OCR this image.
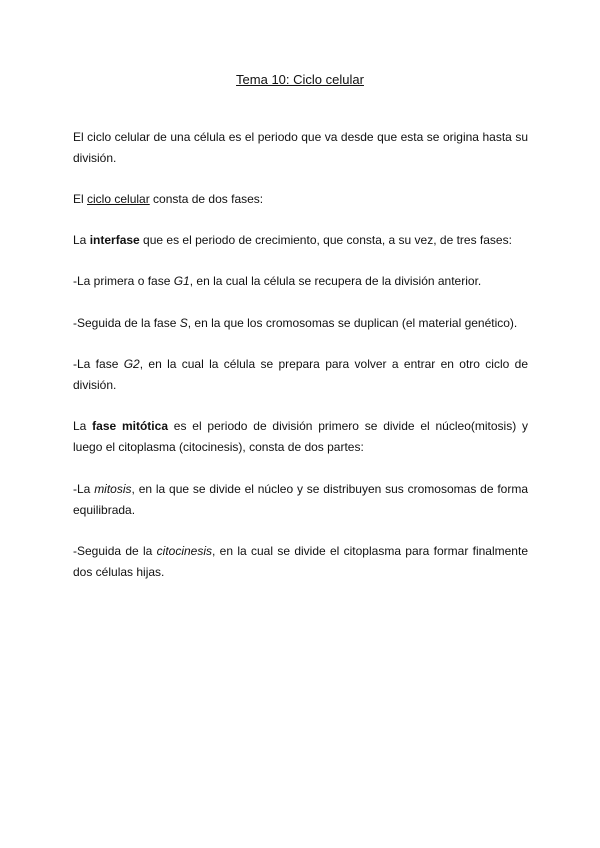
Tema 10: Ciclo celular
El ciclo celular de una célula es el periodo que va desde que esta se origina hasta su división.
El ciclo celular consta de dos fases:
La interfase que es el periodo de crecimiento, que consta, a su vez, de tres fases:
-La primera o fase G1, en la cual la célula se recupera de la división anterior.
-Seguida de la fase S, en la que los cromosomas se duplican (el material genético).
-La fase G2, en la cual la célula se prepara para volver a entrar en otro ciclo de división.
La fase mitótica es el periodo de división primero se divide el núcleo(mitosis) y luego el citoplasma (citocinesis), consta de dos partes:
-La mitosis, en la que se divide el núcleo y se distribuyen sus cromosomas de forma equilibrada.
-Seguida de la citocinesis, en la cual se divide el citoplasma para formar finalmente dos células hijas.
